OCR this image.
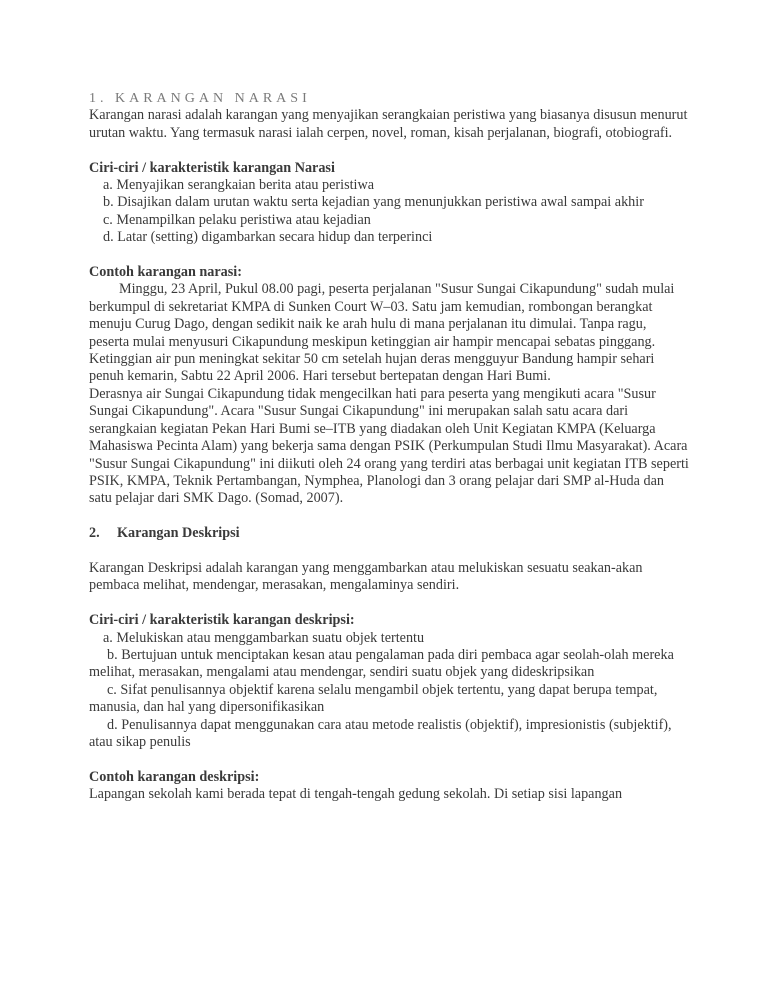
1. KARANGAN NARASI

Karangan narasi adalah karangan yang menyajikan serangkaian peristiwa yang biasanya disusun menurut urutan waktu. Yang termasuk narasi ialah cerpen, novel, roman, kisah perjalanan, biografi, otobiografi.

Ciri-ciri / karakteristik karangan Narasi

a. Menyajikan serangkaian berita atau peristiwa

b. Disajikan dalam urutan waktu serta kejadian yang menunjukkan peristiwa awal sampai akhir

c. Menampilkan pelaku peristiwa atau kejadian

d. Latar (setting) digambarkan secara hidup dan terperinci

Contoh karangan narasi:

Minggu, 23 April, Pukul 08.00 pagi, peserta perjalanan "Susur Sungai Cikapundung" sudah mulai berkumpul di sekretariat KMPA di Sunken Court W–03. Satu jam kemudian, rombongan berangkat menuju Curug Dago, dengan sedikit naik ke arah hulu di mana perjalanan itu dimulai. Tanpa ragu, peserta mulai menyusuri Cikapundung meskipun ketinggian air hampir mencapai sebatas pinggang. Ketinggian air pun meningkat sekitar 50 cm setelah hujan deras mengguyur Bandung hampir sehari penuh kemarin, Sabtu 22 April 2006. Hari tersebut bertepatan dengan Hari Bumi.

Derasnya air Sungai Cikapundung tidak mengecilkan hati para peserta yang mengikuti acara "Susur Sungai Cikapundung". Acara "Susur Sungai Cikapundung" ini merupakan salah satu acara dari serangkaian kegiatan Pekan Hari Bumi se–ITB yang diadakan oleh Unit Kegiatan KMPA (Keluarga Mahasiswa Pecinta Alam) yang bekerja sama dengan PSIK (Perkumpulan Studi Ilmu Masyarakat). Acara "Susur Sungai Cikapundung" ini diikuti oleh 24 orang yang terdiri atas berbagai unit kegiatan ITB seperti PSIK, KMPA, Teknik Pertambangan, Nymphea, Planologi dan 3 orang pelajar dari SMP al-Huda dan satu pelajar dari SMK Dago. (Somad, 2007).

2. Karangan Deskripsi

Karangan Deskripsi adalah karangan yang menggambarkan atau melukiskan sesuatu seakan-akan pembaca melihat, mendengar, merasakan, mengalaminya sendiri.

Ciri-ciri / karakteristik karangan deskripsi:

a. Melukiskan atau menggambarkan suatu objek tertentu

b. Bertujuan untuk menciptakan kesan atau pengalaman pada diri pembaca agar seolah-olah mereka melihat, merasakan, mengalami atau mendengar, sendiri suatu objek yang dideskripsikan

c. Sifat penulisannya objektif karena selalu mengambil objek tertentu, yang dapat berupa tempat, manusia, dan hal yang dipersonifikasikan

d. Penulisannya dapat menggunakan cara atau metode realistis (objektif), impresionistis (subjektif), atau sikap penulis

Contoh karangan deskripsi:

Lapangan sekolah kami berada tepat di tengah-tengah gedung sekolah. Di setiap sisi lapangan
